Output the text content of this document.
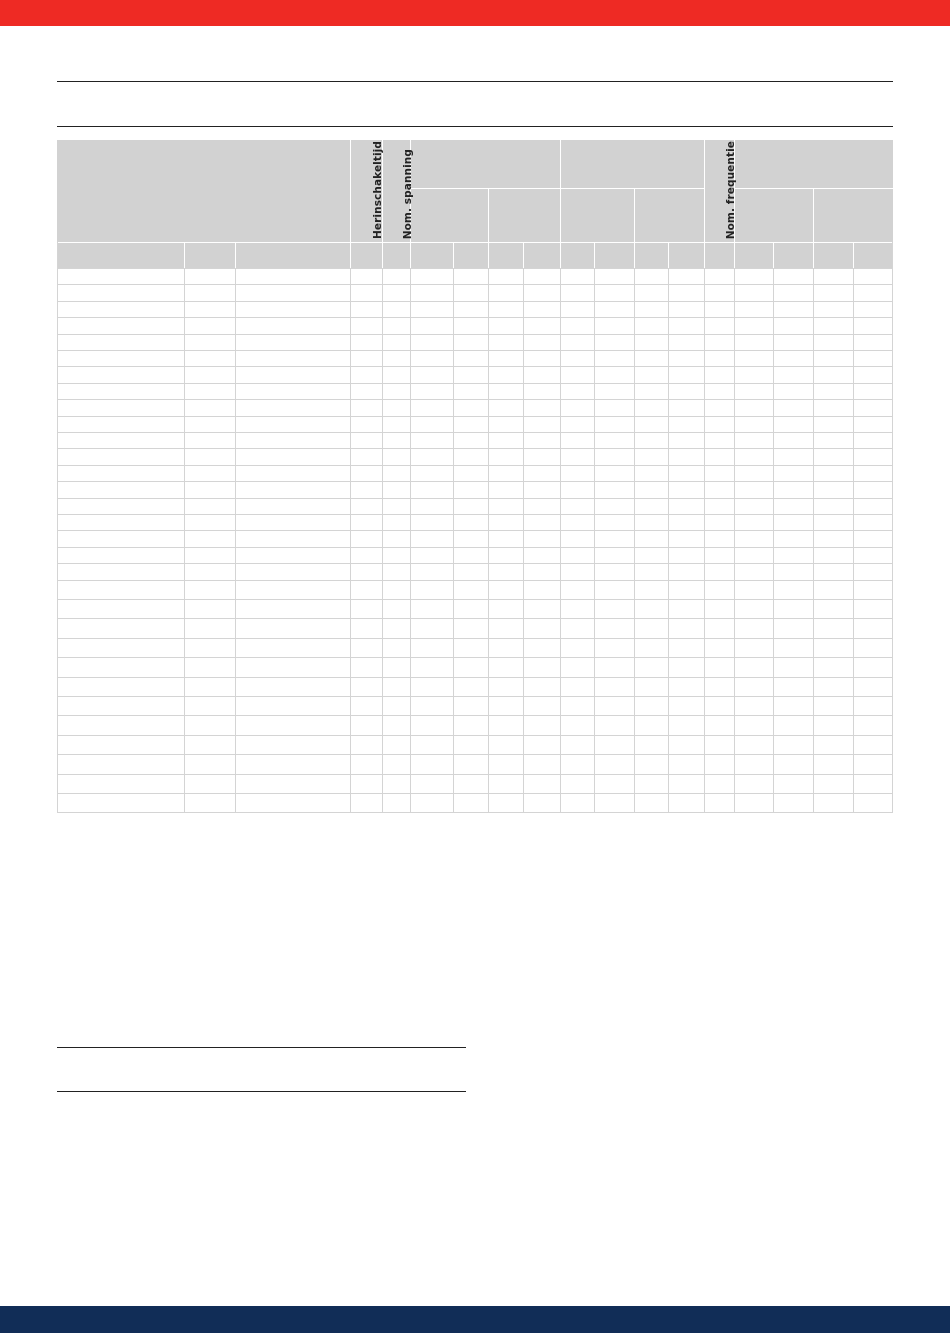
Herinschakeltijd Nom. spanning	Nom. frequentie
